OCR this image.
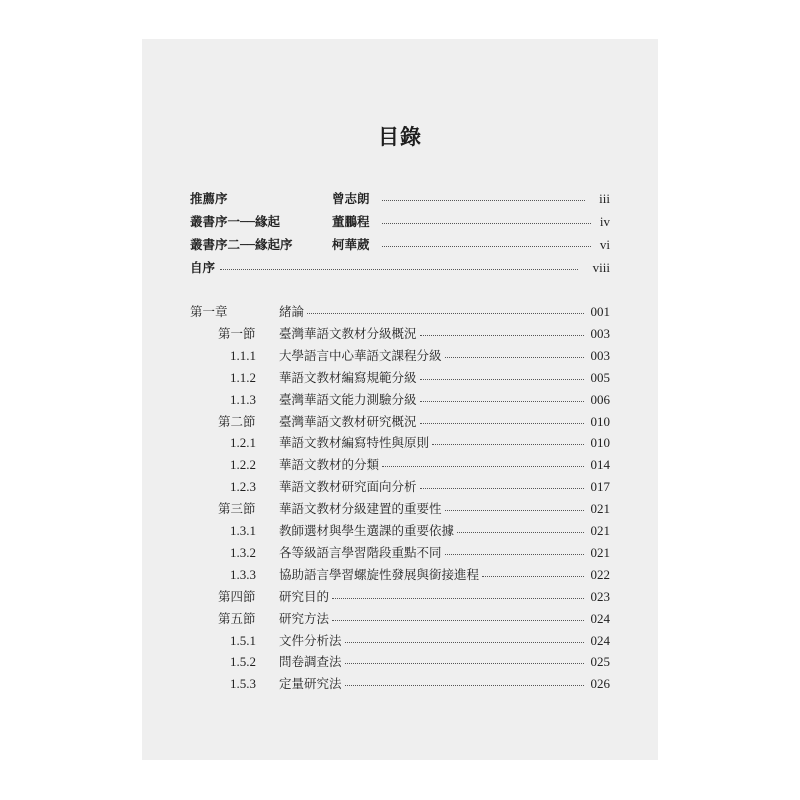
目錄
推薦序	曾志朗	iii
叢書序一──緣起	董鵬程	iv
叢書序二──緣起序	柯華葳	vi
自序	viii
第一章	緒論	001
第一節 臺灣華語文教材分級概況	003
1.1.1 大學語言中心華語文課程分級	003
1.1.2 華語文教材編寫規範分級	005
1.1.3 臺灣華語文能力測驗分級	006
第二節 臺灣華語文教材研究概況	010
1.2.1 華語文教材編寫特性與原則	010
1.2.2 華語文教材的分類	014
1.2.3 華語文教材研究面向分析	017
第三節 華語文教材分級建置的重要性	021
1.3.1 教師選材與學生選課的重要依據	021
1.3.2 各等級語言學習階段重點不同	021
1.3.3 協助語言學習螺旋性發展與銜接進程	022
第四節 研究目的	023
第五節 研究方法	024
1.5.1 文件分析法	024
1.5.2 問卷調查法	025
1.5.3 定量研究法	026
